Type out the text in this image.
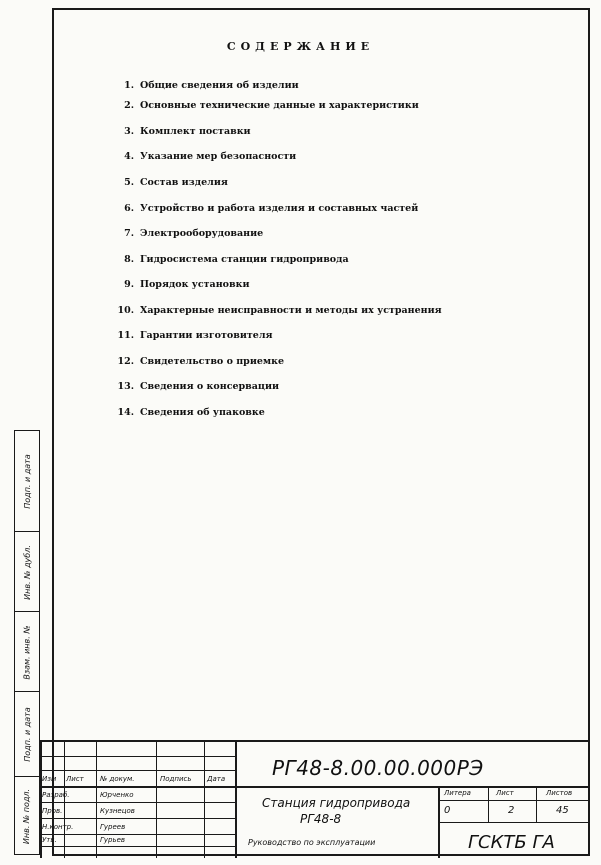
Подп. и дата
Инв. № дубл.
Взам. инв. №
Подп. и дата
Инв. № подл.
СОДЕРЖАНИЕ
1. Общие сведения об изделии
2. Основные технические данные и характеристики
3. Комплект поставки
4. Указание мер безопасности
5. Состав изделия
6. Устройство и работа изделия и составных частей
7. Электрооборудование
8. Гидросистема станции гидропривода
9. Порядок установки
10. Характерные неисправности и методы их устранения
11. Гарантии изготовителя
12. Свидетельство о приемке
13. Сведения о консервации
14. Сведения об упаковке
Изм Лист № докум.	Подпись Дата
Разраб.	Юрченко
Пров.	Кузнецов
Н.контр.	Гуреев
Утв.	Гурьев
РГ48-8.00.00.000РЭ
Станция гидропривода
РГ48-8
Руководство по эксплуатации
Литера	Лист	Листов
0	2	45
ГСКТБ ГА
